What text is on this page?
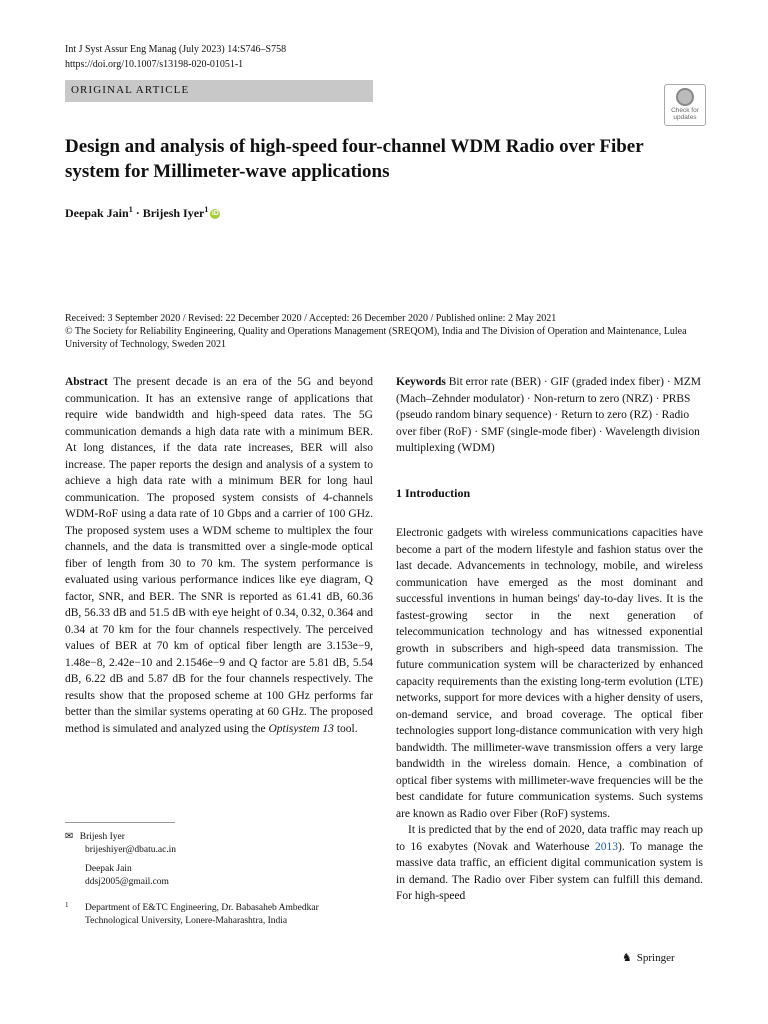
Int J Syst Assur Eng Manag (July 2023) 14:S746–S758
https://doi.org/10.1007/s13198-020-01051-1
ORIGINAL ARTICLE
Check for
updates
Design and analysis of high-speed four-channel WDM Radio over Fiber system for Millimeter-wave applications
Deepak Jain$^1$ · Brijesh Iyer$^1$ iD
Received: 3 September 2020 / Revised: 22 December 2020 / Accepted: 26 December 2020 / Published online: 2 May 2021
© The Society for Reliability Engineering, Quality and Operations Management (SREQOM), India and The Division of Operation and Maintenance, Lulea University of Technology, Sweden 2021
Abstract The present decade is an era of the 5G and beyond communication. It has an extensive range of applications that require wide bandwidth and high-speed data rates. The 5G communication demands a high data rate with a minimum BER. At long distances, if the data rate increases, BER will also increase. The paper reports the design and analysis of a system to achieve a high data rate with a minimum BER for long haul communication. The proposed system consists of 4-channels WDM-RoF using a data rate of 10 Gbps and a carrier of 100 GHz. The proposed system uses a WDM scheme to multiplex the four channels, and the data is transmitted over a single-mode optical fiber of length from 30 to 70 km. The system performance is evaluated using various performance indices like eye diagram, Q factor, SNR, and BER. The SNR is reported as 61.41 dB, 60.36 dB, 56.33 dB and 51.5 dB with eye height of 0.34, 0.32, 0.364 and 0.34 at 70 km for the four channels respectively. The perceived values of BER at 70 km of optical fiber length are 3.153e−9, 1.48e−8, 2.42e−10 and 2.1546e−9 and Q factor are 5.81 dB, 5.54 dB, 6.22 dB and 5.87 dB for the four channels respectively. The results show that the proposed scheme at 100 GHz performs far better than the similar systems operating at 60 GHz. The proposed method is simulated and analyzed using the Optisystem 13 tool.
Keywords Bit error rate (BER) · GIF (graded index fiber) · MZM (Mach–Zehnder modulator) · Non-return to zero (NRZ) · PRBS (pseudo random binary sequence) · Return to zero (RZ) · Radio over fiber (RoF) · SMF (single-mode fiber) · Wavelength division multiplexing (WDM)
1 Introduction
Electronic gadgets with wireless communications capacities have become a part of the modern lifestyle and fashion status over the last decade. Advancements in technology, mobile, and wireless communication have emerged as the most dominant and successful inventions in human beings' day-to-day lives. It is the fastest-growing sector in the next generation of telecommunication technology and has witnessed exponential growth in subscribers and high-speed data transmission. The future communication system will be characterized by enhanced capacity requirements than the existing long-term evolution (LTE) networks, support for more devices with a higher density of users, on-demand service, and broad coverage. The optical fiber technologies support long-distance communication with very high bandwidth. The millimeter-wave transmission offers a very large bandwidth in the wireless domain. Hence, a combination of optical fiber systems with millimeter-wave frequencies will be the best candidate for future communication systems. Such systems are known as Radio over Fiber (RoF) systems.
It is predicted that by the end of 2020, data traffic may reach up to 16 exabytes (Novak and Waterhouse 2013). To manage the massive data traffic, an efficient digital communication system is in demand. The Radio over Fiber system can fulfill this demand. For high-speed
✉ Brijesh Iyer
brijeshiyer@dbatu.ac.in
Deepak Jain
ddsj2005@gmail.com
1 Department of E&TC Engineering, Dr. Babasaheb Ambedkar Technological University, Lonere-Maharashtra, India
♞ Springer
